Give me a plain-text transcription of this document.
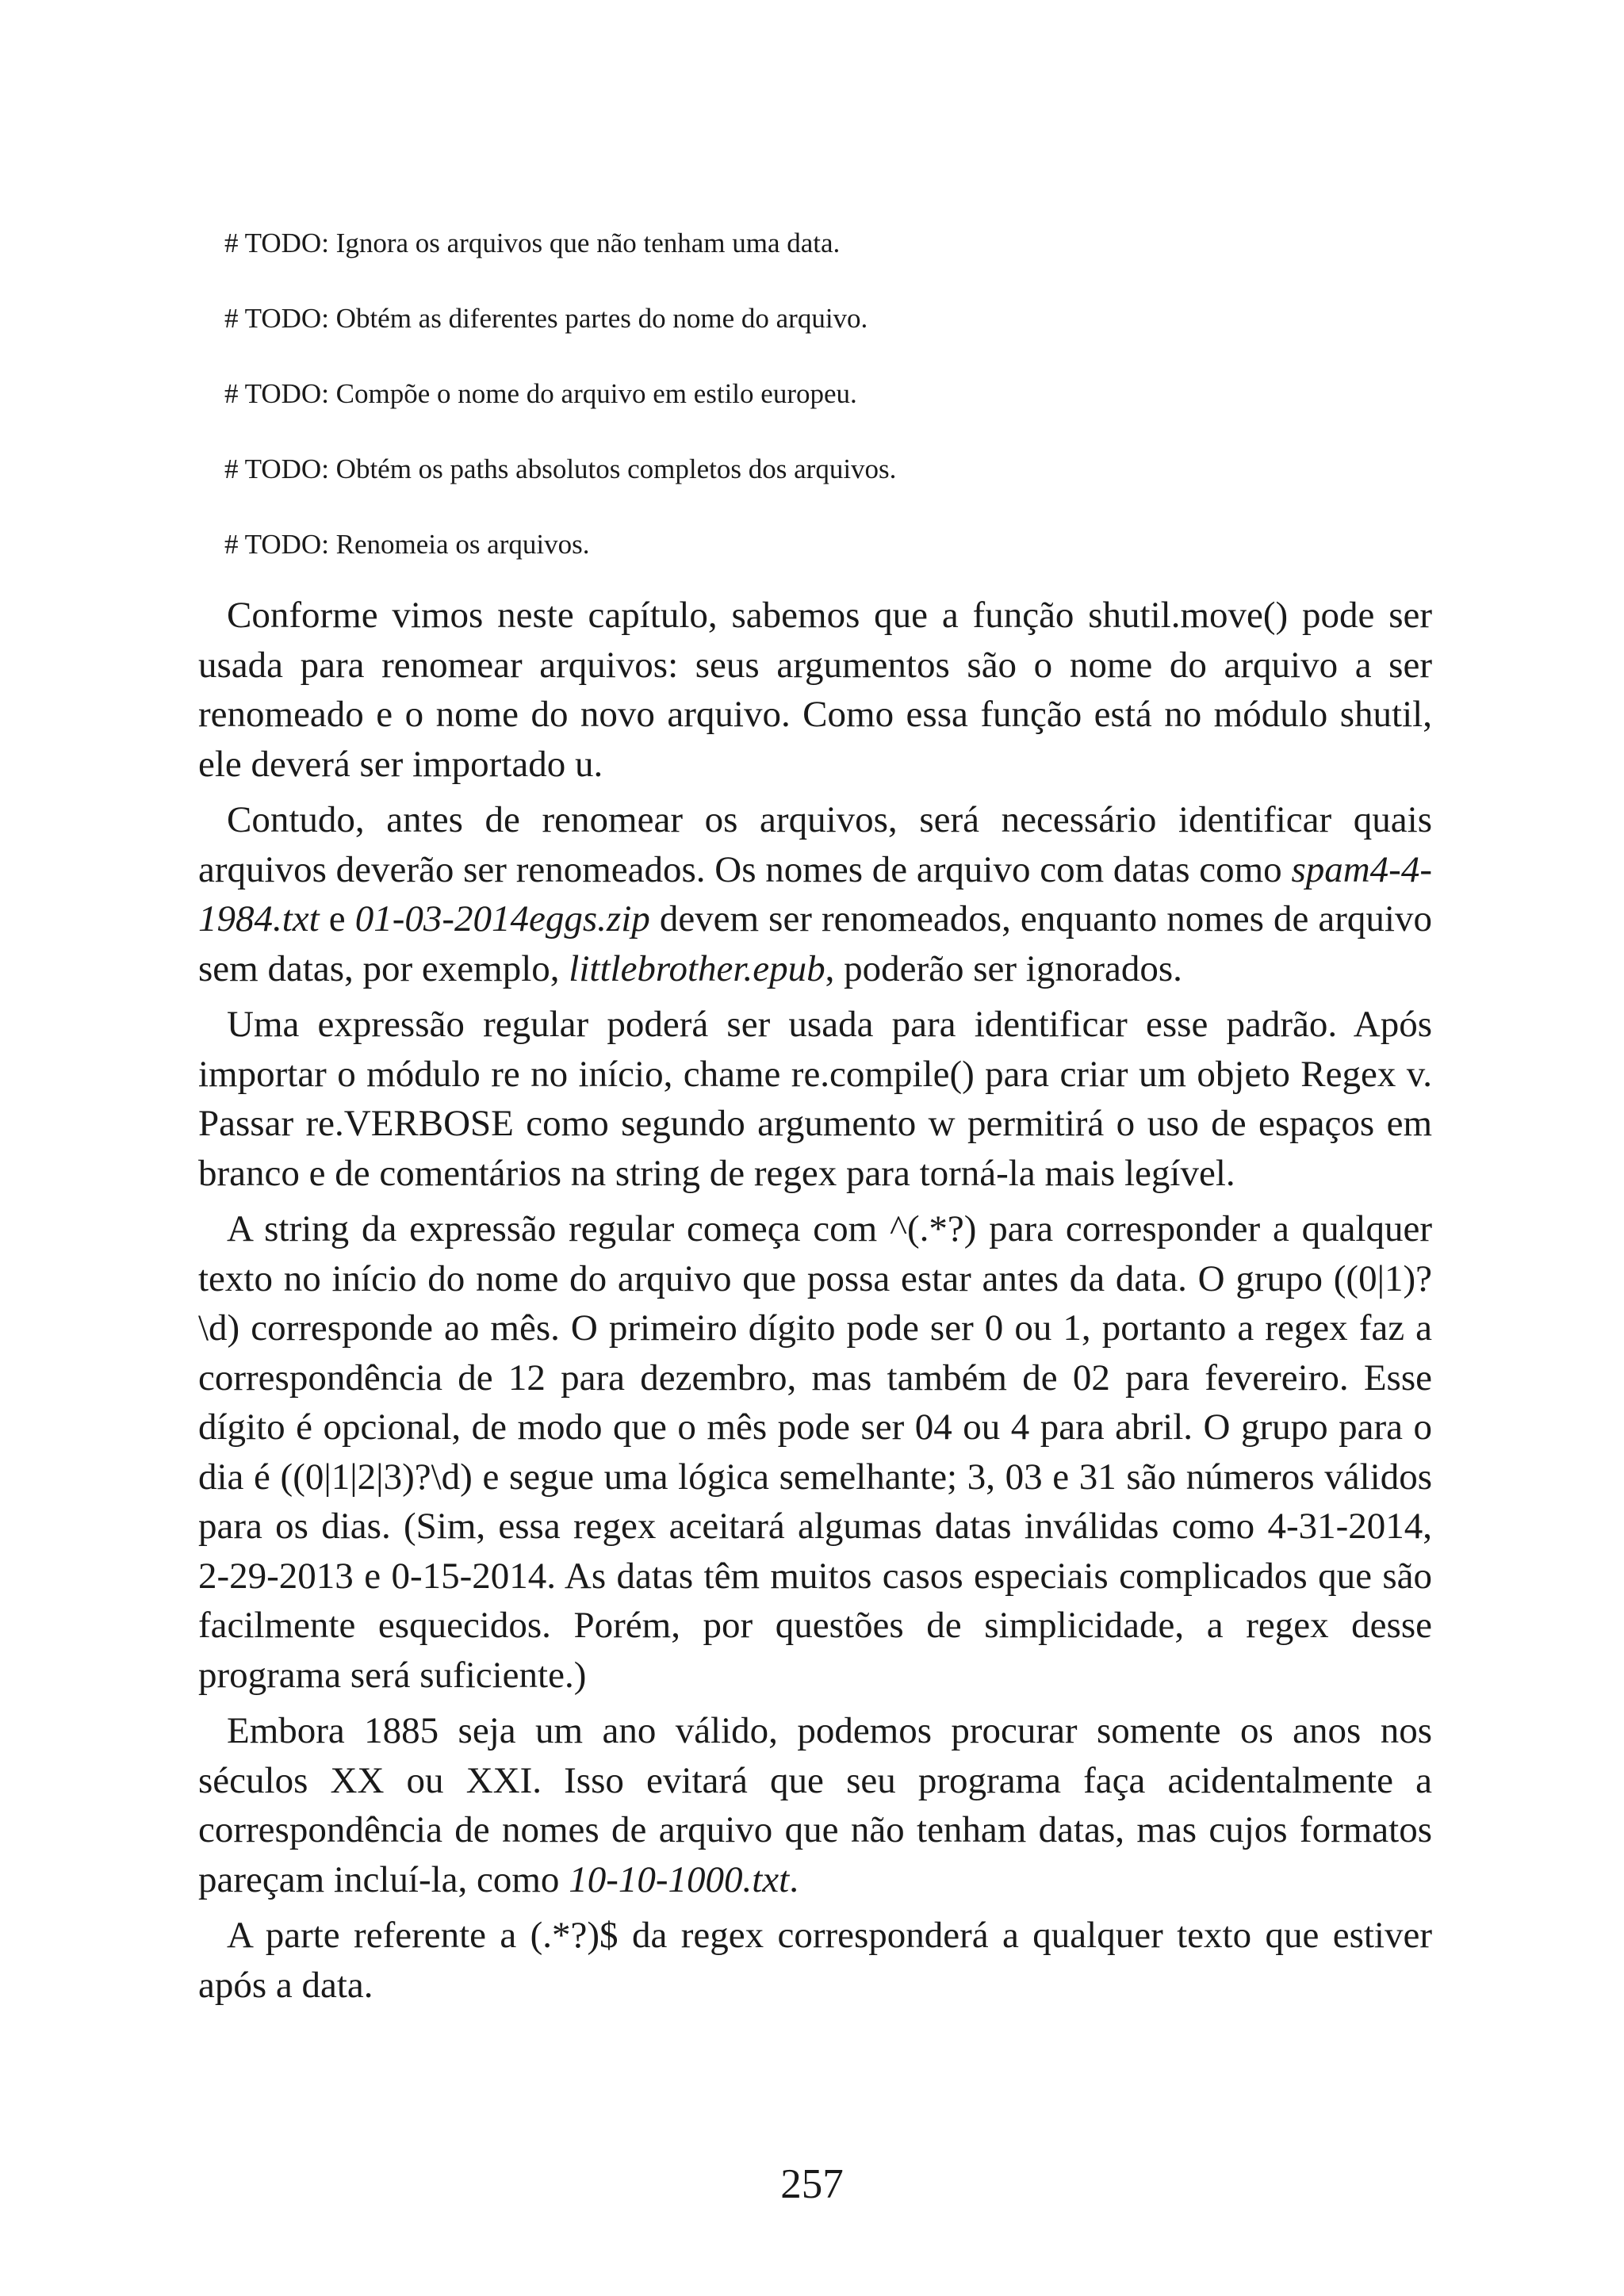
# TODO: Ignora os arquivos que não tenham uma data.
# TODO: Obtém as diferentes partes do nome do arquivo.
# TODO: Compõe o nome do arquivo em estilo europeu.
# TODO: Obtém os paths absolutos completos dos arquivos.
# TODO: Renomeia os arquivos.

Conforme vimos neste capítulo, sabemos que a função shutil.move() pode ser usada para renomear arquivos: seus argumentos são o nome do arquivo a ser renomeado e o nome do novo arquivo. Como essa função está no módulo shutil, ele deverá ser importado u.

Contudo, antes de renomear os arquivos, será necessário identificar quais arquivos deverão ser renomeados. Os nomes de arquivo com datas como spam4-4-1984.txt e 01-03-2014eggs.zip devem ser renomeados, enquanto nomes de arquivo sem datas, por exemplo, littlebrother.epub, poderão ser ignorados.

Uma expressão regular poderá ser usada para identificar esse padrão. Após importar o módulo re no início, chame re.compile() para criar um objeto Regex v. Passar re.VERBOSE como segundo argumento w permitirá o uso de espaços em branco e de comentários na string de regex para torná-la mais legível.

A string da expressão regular começa com ^(.*?) para corresponder a qualquer texto no início do nome do arquivo que possa estar antes da data. O grupo ((0|1)?\d) corresponde ao mês. O primeiro dígito pode ser 0 ou 1, portanto a regex faz a correspondência de 12 para dezembro, mas também de 02 para fevereiro. Esse dígito é opcional, de modo que o mês pode ser 04 ou 4 para abril. O grupo para o dia é ((0|1|2|3)?\d) e segue uma lógica semelhante; 3, 03 e 31 são números válidos para os dias. (Sim, essa regex aceitará algumas datas inválidas como 4-31-2014, 2-29-2013 e 0-15-2014. As datas têm muitos casos especiais complicados que são facilmente esquecidos. Porém, por questões de simplicidade, a regex desse programa será suficiente.)

Embora 1885 seja um ano válido, podemos procurar somente os anos nos séculos XX ou XXI. Isso evitará que seu programa faça acidentalmente a correspondência de nomes de arquivo que não tenham datas, mas cujos formatos pareçam incluí-la, como 10-10-1000.txt.

A parte referente a (.*?)$ da regex corresponderá a qualquer texto que estiver após a data.

257
